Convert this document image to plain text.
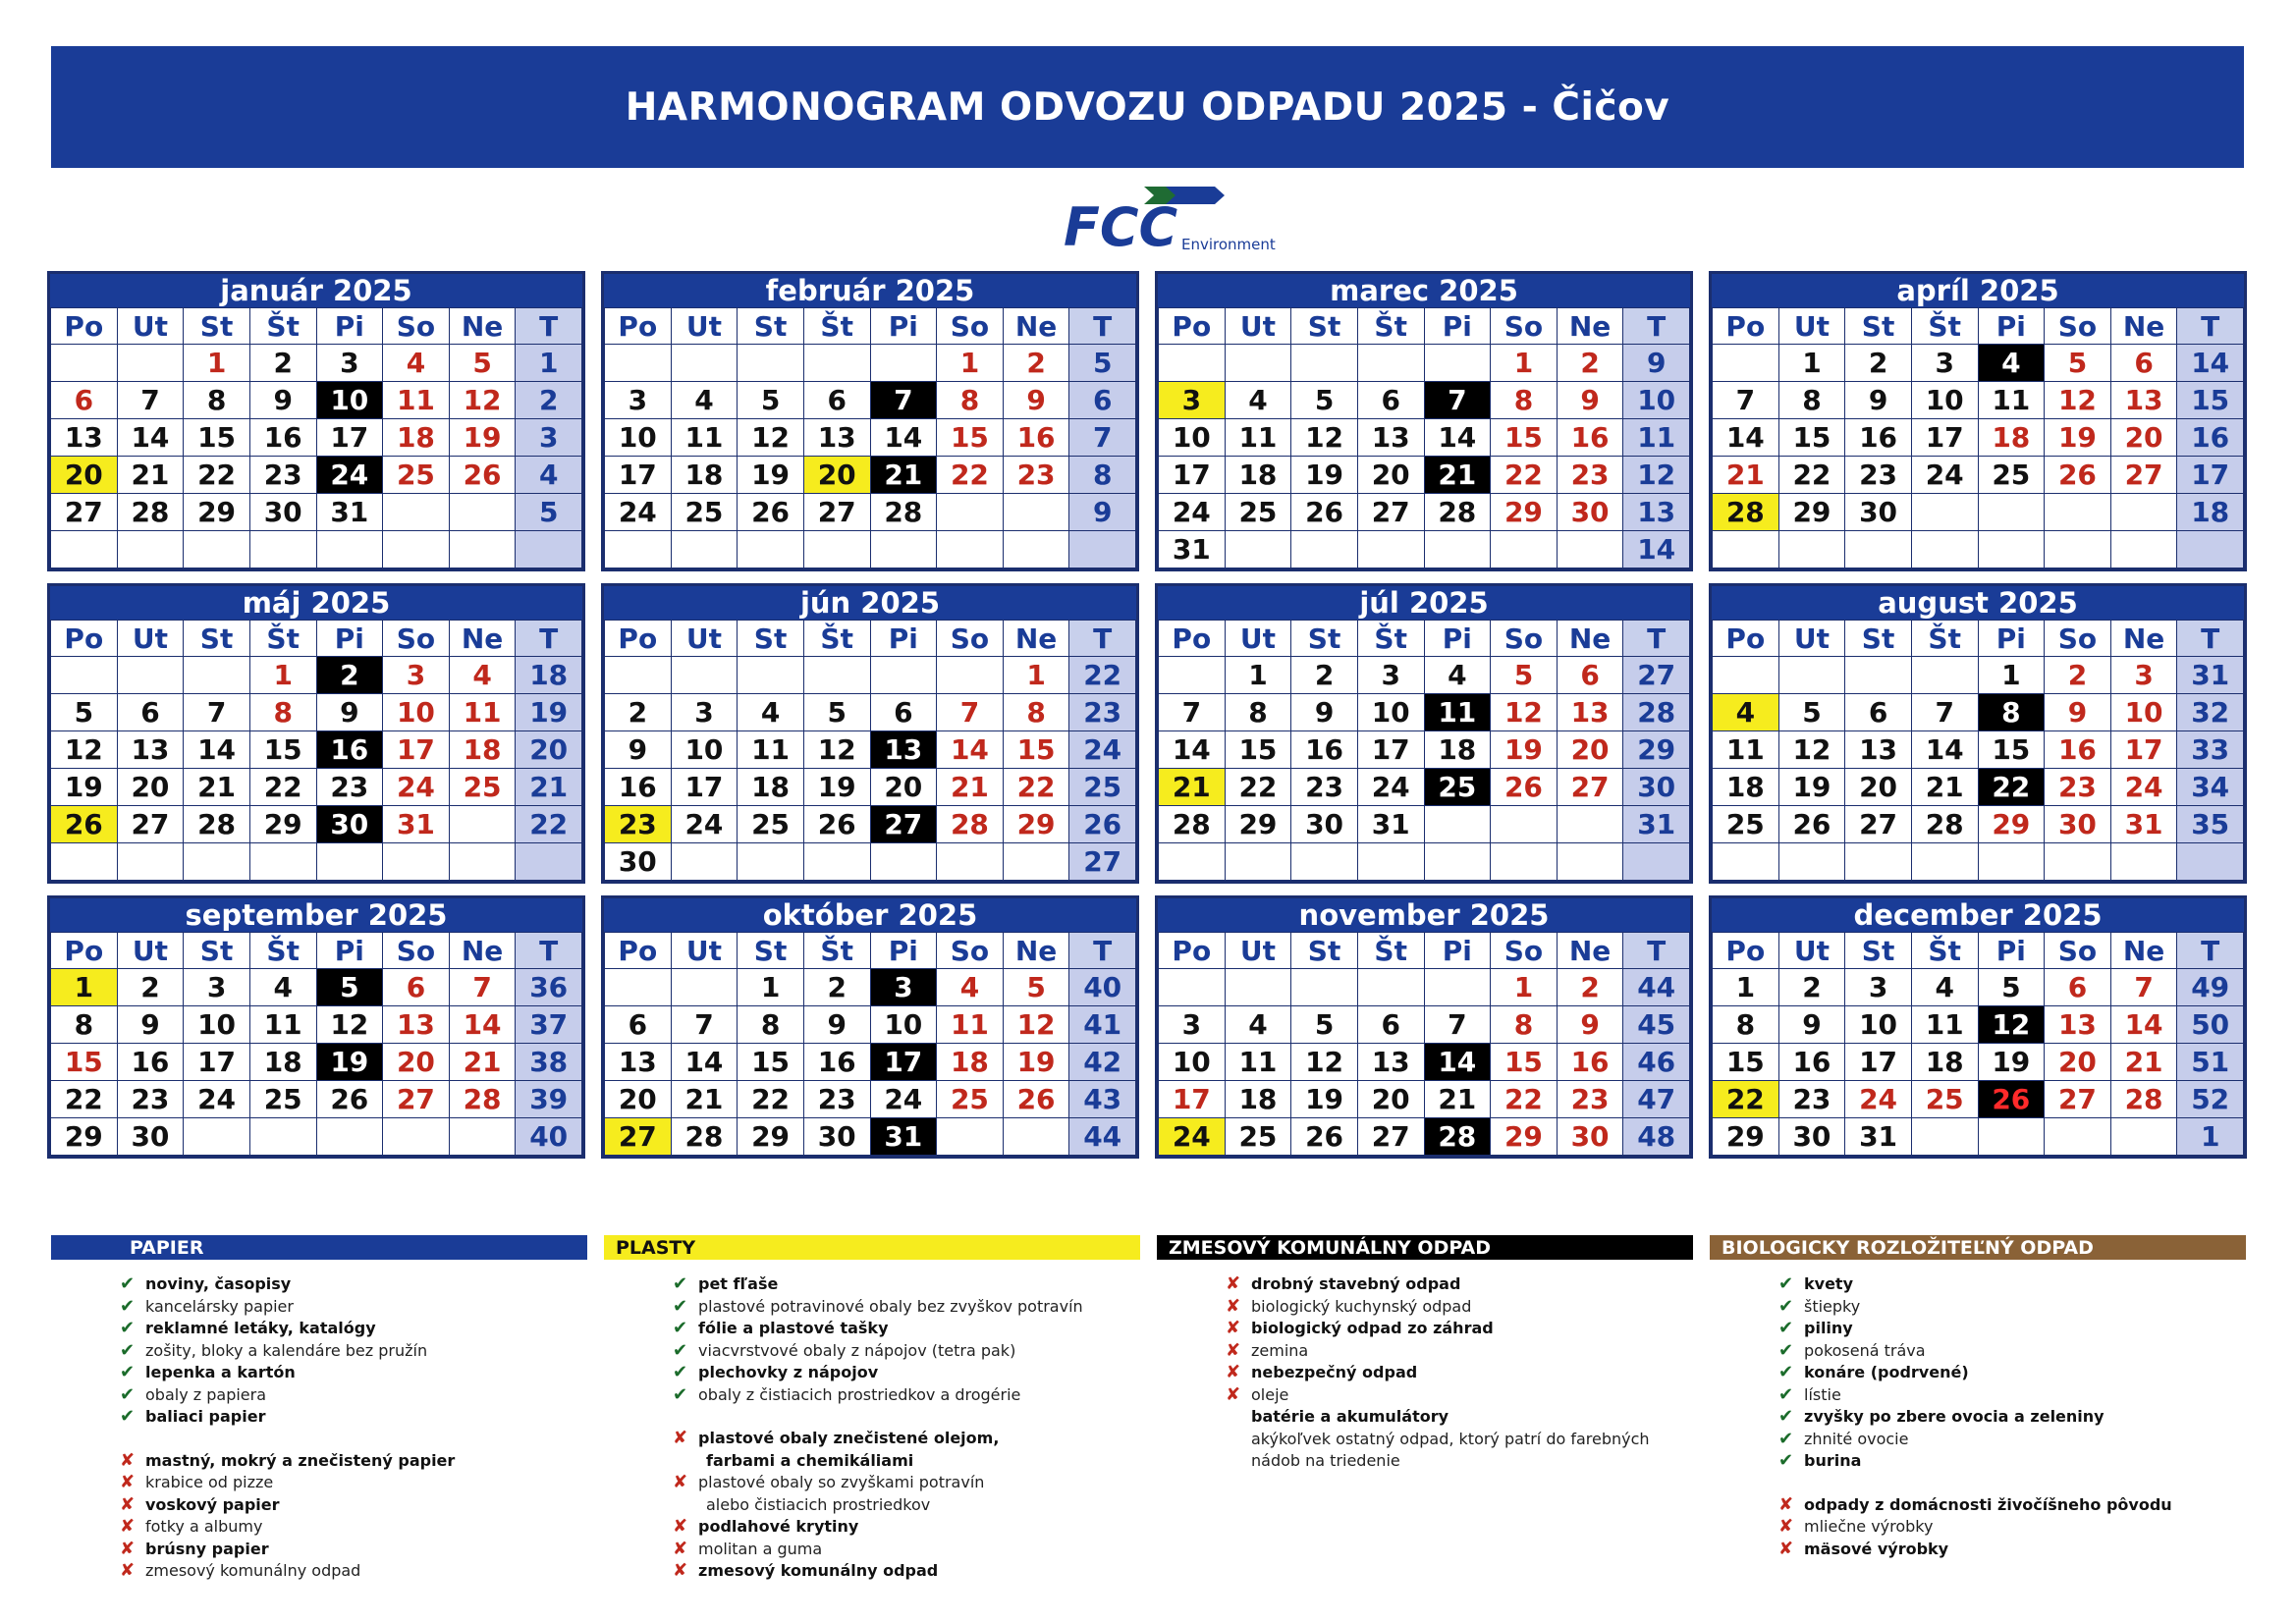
HARMONOGRAM ODVOZU ODPADU 2025 - Čičov
FCC Environment
január 2025
Po	Ut	St	Št	Pi	So	Ne	T
		1	2	3	4	5	1
6	7	8	9	10	11	12	2
13	14	15	16	17	18	19	3
20	21	22	23	24	25	26	4
27	28	29	30	31			5

február 2025
Po	Ut	St	Št	Pi	So	Ne	T
					1	2	5
3	4	5	6	7	8	9	6
10	11	12	13	14	15	16	7
17	18	19	20	21	22	23	8
24	25	26	27	28			9

marec 2025
Po	Ut	St	Št	Pi	So	Ne	T
					1	2	9
3	4	5	6	7	8	9	10
10	11	12	13	14	15	16	11
17	18	19	20	21	22	23	12
24	25	26	27	28	29	30	13
31							14
apríl 2025
Po	Ut	St	Št	Pi	So	Ne	T
	1	2	3	4	5	6	14
7	8	9	10	11	12	13	15
14	15	16	17	18	19	20	16
21	22	23	24	25	26	27	17
28	29	30					18

máj 2025
Po	Ut	St	Št	Pi	So	Ne	T
			1	2	3	4	18
5	6	7	8	9	10	11	19
12	13	14	15	16	17	18	20
19	20	21	22	23	24	25	21
26	27	28	29	30	31		22

jún 2025
Po	Ut	St	Št	Pi	So	Ne	T
						1	22
2	3	4	5	6	7	8	23
9	10	11	12	13	14	15	24
16	17	18	19	20	21	22	25
23	24	25	26	27	28	29	26
30							27
júl 2025
Po	Ut	St	Št	Pi	So	Ne	T
	1	2	3	4	5	6	27
7	8	9	10	11	12	13	28
14	15	16	17	18	19	20	29
21	22	23	24	25	26	27	30
28	29	30	31				31

august 2025
Po	Ut	St	Št	Pi	So	Ne	T
				1	2	3	31
4	5	6	7	8	9	10	32
11	12	13	14	15	16	17	33
18	19	20	21	22	23	24	34
25	26	27	28	29	30	31	35

september 2025
Po	Ut	St	Št	Pi	So	Ne	T
1	2	3	4	5	6	7	36
8	9	10	11	12	13	14	37
15	16	17	18	19	20	21	38
22	23	24	25	26	27	28	39
29	30						40
október 2025
Po	Ut	St	Št	Pi	So	Ne	T
		1	2	3	4	5	40
6	7	8	9	10	11	12	41
13	14	15	16	17	18	19	42
20	21	22	23	24	25	26	43
27	28	29	30	31			44
november 2025
Po	Ut	St	Št	Pi	So	Ne	T
					1	2	44
3	4	5	6	7	8	9	45
10	11	12	13	14	15	16	46
17	18	19	20	21	22	23	47
24	25	26	27	28	29	30	48
december 2025
Po	Ut	St	Št	Pi	So	Ne	T
1	2	3	4	5	6	7	49
8	9	10	11	12	13	14	50
15	16	17	18	19	20	21	51
22	23	24	25	26	27	28	52
29	30	31					1
PAPIER
✔ noviny, časopisy
✔ kancelársky papier
✔ reklamné letáky, katalógy
✔ zošity, bloky a kalendáre bez pružín
✔ lepenka a kartón
✔ obaly z papiera
✔ baliaci papier
✘ mastný, mokrý a znečistený papier
✘ krabice od pizze
✘ voskový papier
✘ fotky a albumy
✘ brúsny papier
✘ zmesový komunálny odpad
PLASTY
✔ pet fľaše
✔ plastové potravinové obaly bez zvyškov potravín
✔ fólie a plastové tašky
✔ viacvrstvové obaly z nápojov (tetra pak)
✔ plechovky z nápojov
✔ obaly z čistiacich prostriedkov a drogérie
✘ plastové obaly znečistené olejom,
farbami a chemikáliami
✘ plastové obaly so zvyškami potravín
alebo čistiacich prostriedkov
✘ podlahové krytiny
✘ molitan a guma
✘ zmesový komunálny odpad
ZMESOVÝ KOMUNÁLNY ODPAD
✘ drobný stavebný odpad
✘ biologický kuchynský odpad
✘ biologický odpad zo záhrad
✘ zemina
✘ nebezpečný odpad
✘ oleje
batérie a akumulátory
akýkoľvek ostatný odpad, ktorý patrí do farebných
nádob na triedenie
BIOLOGICKY ROZLOŽITEĽNÝ ODPAD
✔ kvety
✔ štiepky
✔ piliny
✔ pokosená tráva
✔ konáre (podrvené)
✔ lístie
✔ zvyšky po zbere ovocia a zeleniny
✔ zhnité ovocie
✔ burina
✘ odpady z domácnosti živočíšneho pôvodu
✘ mliečne výrobky
✘ mäsové výrobky
